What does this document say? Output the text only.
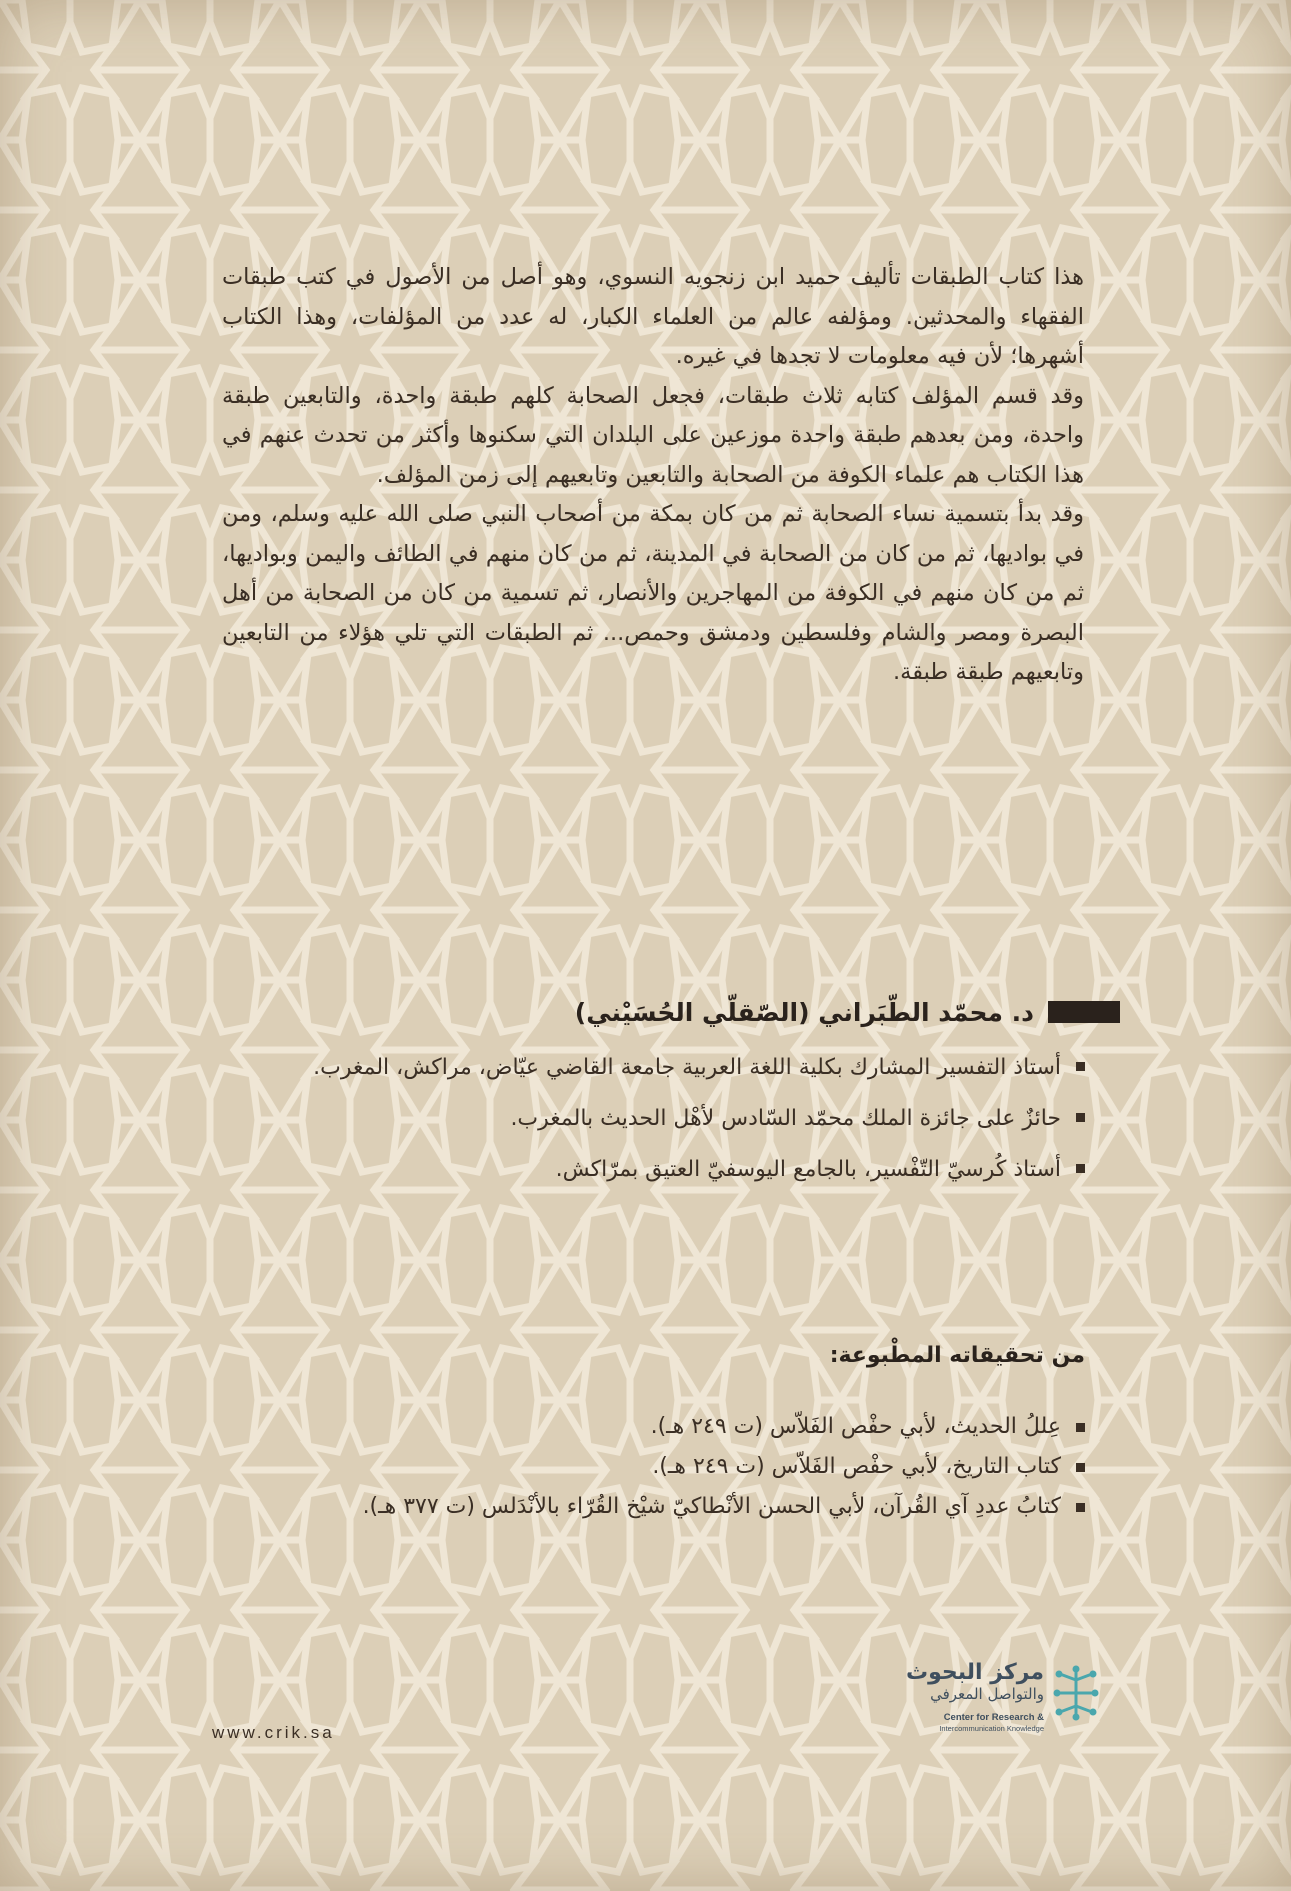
هذا كتاب الطبقات تأليف حميد ابن زنجويه النسوي، وهو أصل من الأصول في كتب طبقات الفقهاء والمحدثين. ومؤلفه عالم من العلماء الكبار، له عدد من المؤلفات، وهذا الكتاب أشهرها؛ لأن فيه معلومات لا تجدها في غيره.

وقد قسم المؤلف كتابه ثلاث طبقات، فجعل الصحابة كلهم طبقة واحدة، والتابعين طبقة واحدة، ومن بعدهم طبقة واحدة موزعين على البلدان التي سكنوها وأكثر من تحدث عنهم في هذا الكتاب هم علماء الكوفة من الصحابة والتابعين وتابعيهم إلى زمن المؤلف.

وقد بدأ بتسمية نساء الصحابة ثم من كان بمكة من أصحاب النبي صلى الله عليه وسلم، ومن في بواديها، ثم من كان من الصحابة في المدينة، ثم من كان منهم في الطائف واليمن وبواديها، ثم من كان منهم في الكوفة من المهاجرين والأنصار، ثم تسمية من كان من الصحابة من أهل البصرة ومصر والشام وفلسطين ودمشق وحمص... ثم الطبقات التي تلي هؤلاء من التابعين وتابعيهم طبقة طبقة.

د. محمّد الطّبَراني (الصّقلّي الحُسَيْني)
أستاذ التفسير المشارك بكلية اللغة العربية جامعة القاضي عيّاض، مراكش، المغرب.
حائزٌ على جائزة الملك محمّد السّادس لأهْل الحديث بالمغرب.
أستاذ كُرسيّ التّفْسير، بالجامع اليوسفيّ العتيق بمرّاكش.
من تحقيقاته المطْبوعة:
عِللُ الحديث، لأبي حفْص الفَلاّس (ت ٢٤٩ هـ).
كتاب التاريخ، لأبي حفْص الفَلاّس (ت ٢٤٩ هـ).
كتابُ عددِ آي القُرآن، لأبي الحسن الأنْطاكيّ شيْخ القُرّاء بالأنْدَلس (ت ٣٧٧ هـ).
مركز البحوث
والتواصل المعرفي
Center for Research &
Intercommunication Knowledge
www.crik.sa
